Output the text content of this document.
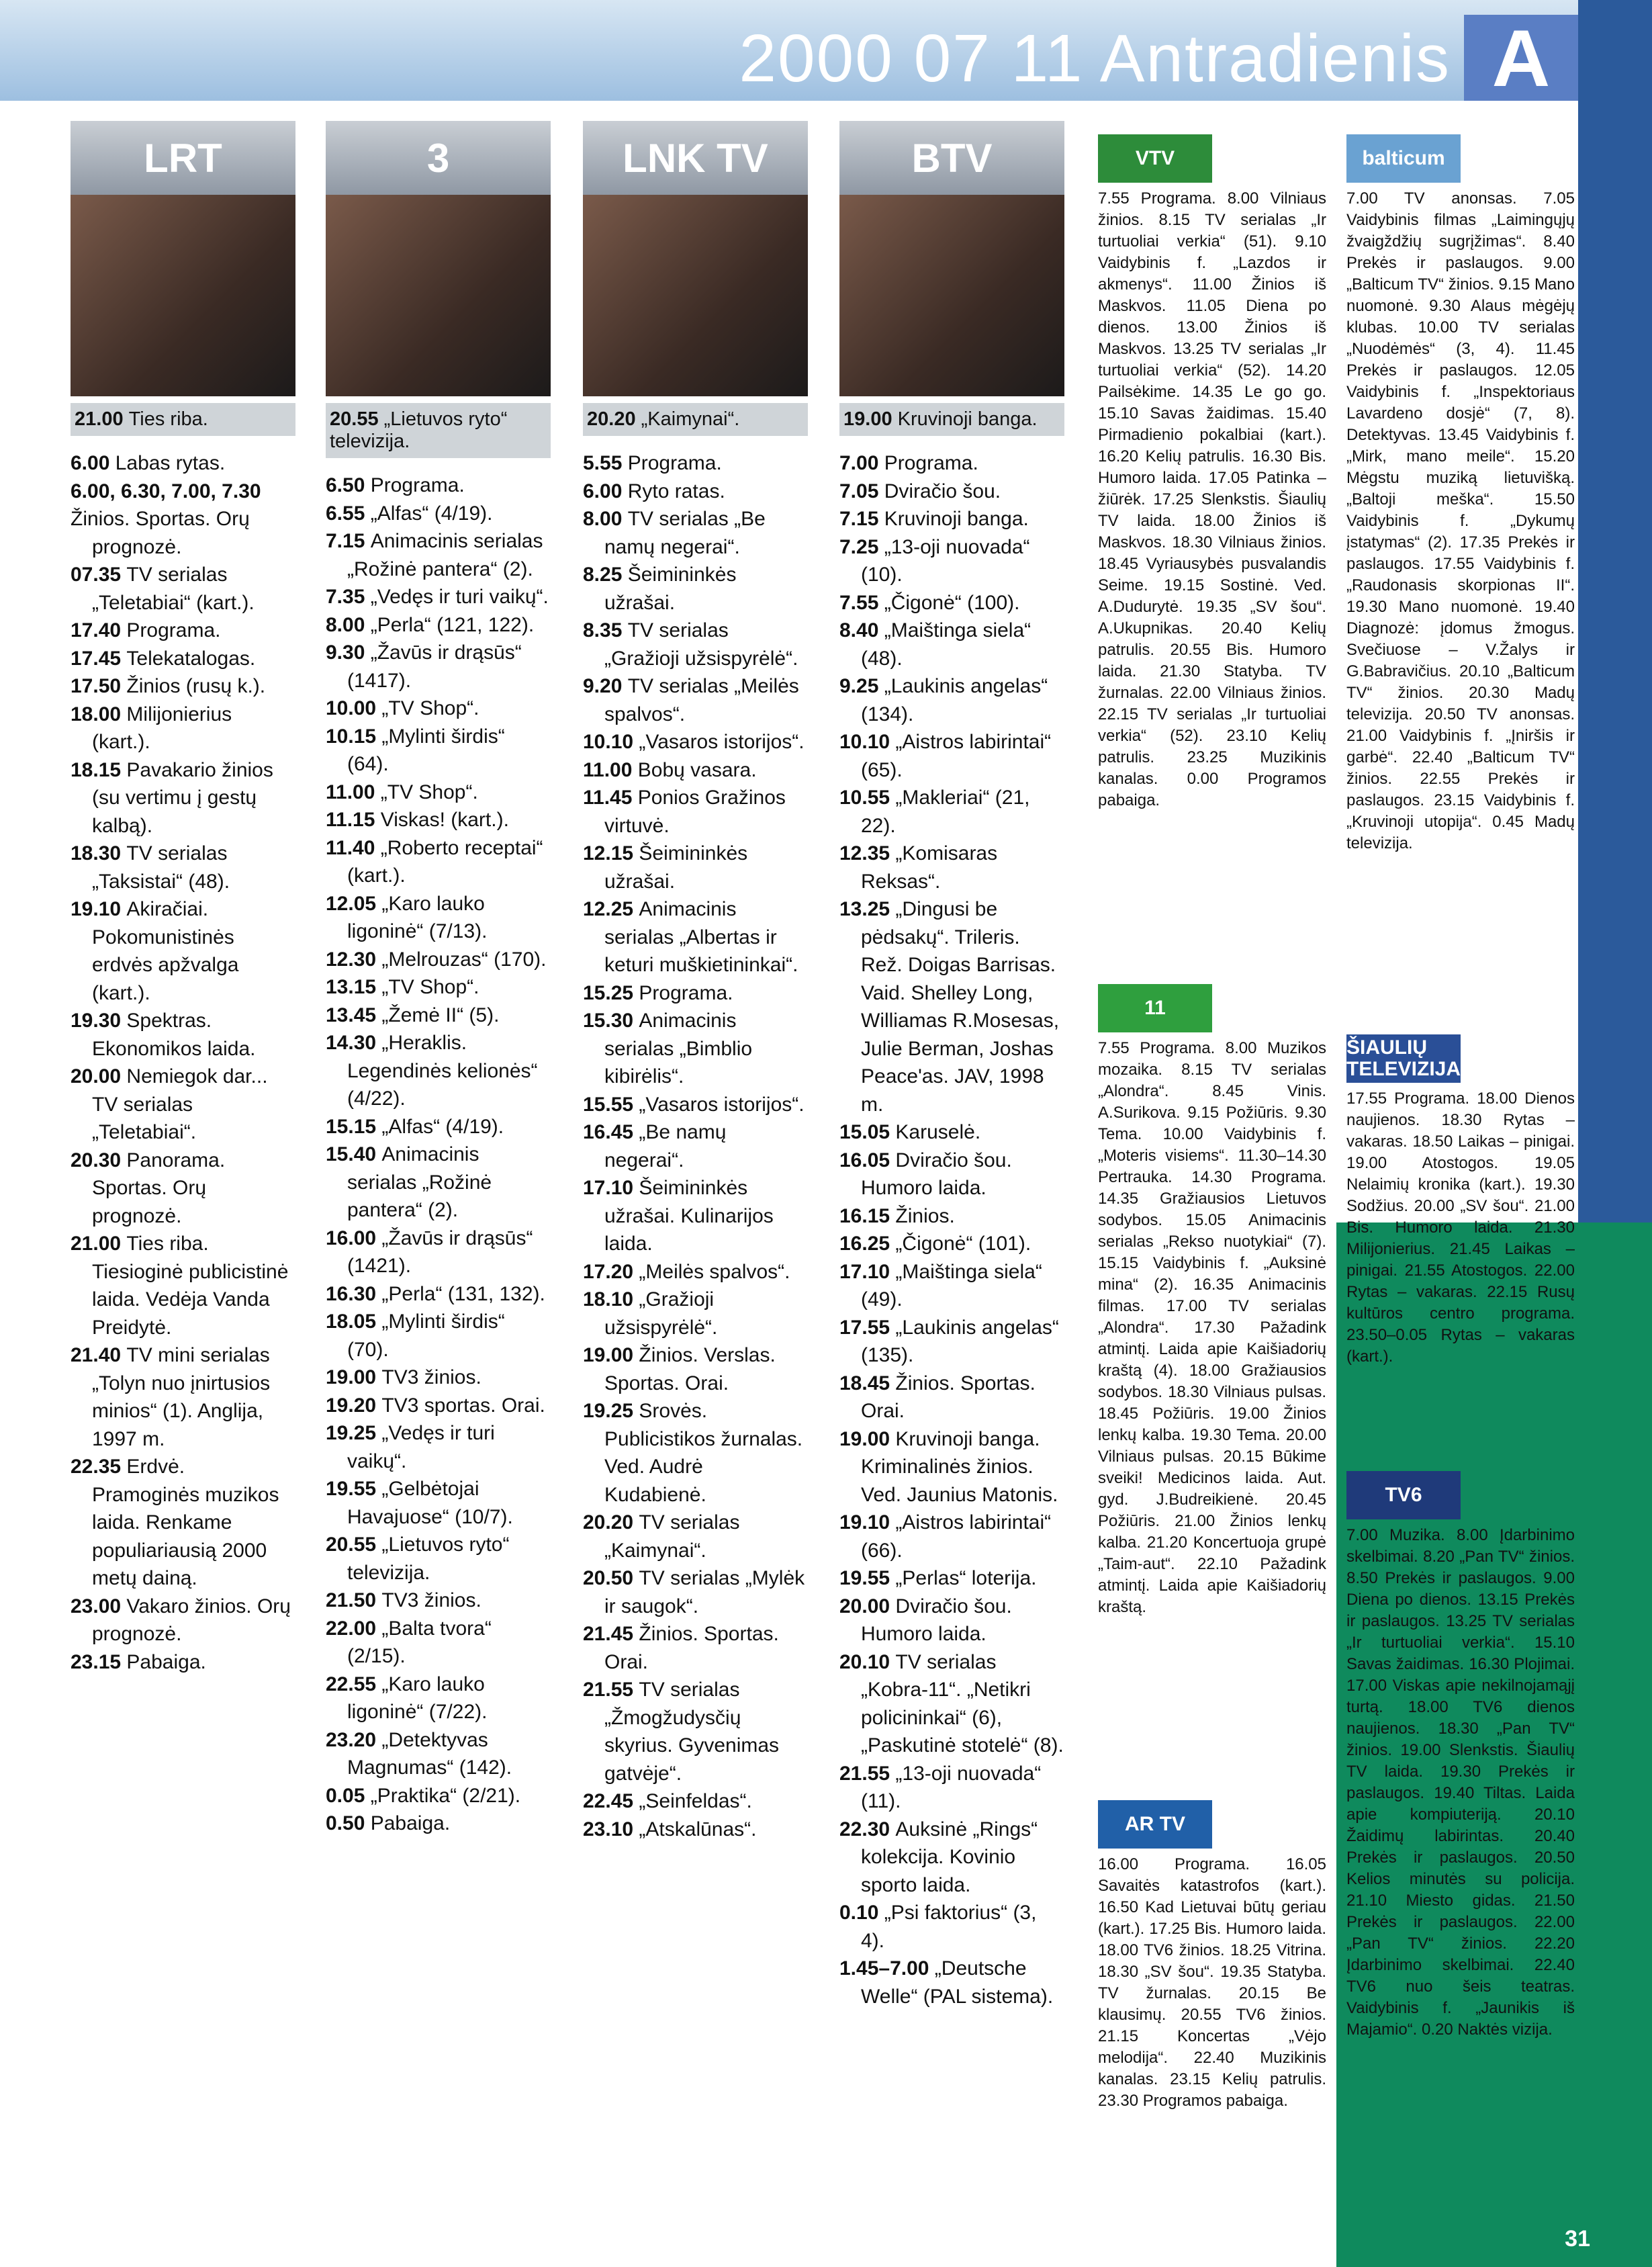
2000 07 11 Antradienis A
LRT
21.00 Ties riba.
6.00 Labas rytas.
6.00, 6.30, 7.00, 7.30
Žinios. Sportas. Orų prognozė.
07.35 TV serialas „Teletabiai“ (kart.).
17.40 Programa.
17.45 Telekatalogas.
17.50 Žinios (rusų k.).
18.00 Milijonierius (kart.).
18.15 Pavakario žinios (su vertimu į gestų kalbą).
18.30 TV serialas „Taksistai“ (48).
19.10 Akiračiai. Pokomunistinės erdvės apžvalga (kart.).
19.30 Spektras. Ekonomikos laida.
20.00 Nemiegok dar... TV serialas „Teletabiai“.
20.30 Panorama. Sportas. Orų prognozė.
21.00 Ties riba. Tiesioginė publicistinė laida. Vedėja Vanda Preidytė.
21.40 TV mini serialas „Tolyn nuo įnirtusios minios“ (1). Anglija, 1997 m.
22.35 Erdvė. Pramoginės muzikos laida. Renkame populiariausią 2000 metų dainą.
23.00 Vakaro žinios. Orų prognozė.
23.15 Pabaiga.
3
20.55 „Lietuvos ryto“ televizija.
6.50 Programa.
6.55 „Alfas“ (4/19).
7.15 Animacinis serialas „Rožinė pantera“ (2).
7.35 „Vedęs ir turi vaikų“.
8.00 „Perla“ (121, 122).
9.30 „Žavūs ir drąsūs“ (1417).
10.00 „TV Shop“.
10.15 „Mylinti širdis“ (64).
11.00 „TV Shop“.
11.15 Viskas! (kart.).
11.40 „Roberto receptai“ (kart.).
12.05 „Karo lauko ligoninė“ (7/13).
12.30 „Melrouzas“ (170).
13.15 „TV Shop“.
13.45 „Žemė II“ (5).
14.30 „Heraklis. Legendinės kelionės“ (4/22).
15.15 „Alfas“ (4/19).
15.40 Animacinis serialas „Rožinė pantera“ (2).
16.00 „Žavūs ir drąsūs“ (1421).
16.30 „Perla“ (131, 132).
18.05 „Mylinti širdis“ (70).
19.00 TV3 žinios.
19.20 TV3 sportas. Orai.
19.25 „Vedęs ir turi vaikų“.
19.55 „Gelbėtojai Havajuose“ (10/7).
20.55 „Lietuvos ryto“ televizija.
21.50 TV3 žinios.
22.00 „Balta tvora“ (2/15).
22.55 „Karo lauko ligoninė“ (7/22).
23.20 „Detektyvas Magnumas“ (142).
0.05 „Praktika“ (2/21).
0.50 Pabaiga.
LNK TV
20.20 „Kaimynai“.
5.55 Programa.
6.00 Ryto ratas.
8.00 TV serialas „Be namų negerai“.
8.25 Šeimininkės užrašai.
8.35 TV serialas „Gražioji užsispyrėlė“.
9.20 TV serialas „Meilės spalvos“.
10.10 „Vasaros istorijos“.
11.00 Bobų vasara.
11.45 Ponios Gražinos virtuvė.
12.15 Šeimininkės užrašai.
12.25 Animacinis serialas „Albertas ir keturi muškietininkai“.
15.25 Programa.
15.30 Animacinis serialas „Bimblio kibirėlis“.
15.55 „Vasaros istorijos“.
16.45 „Be namų negerai“.
17.10 Šeimininkės užrašai. Kulinarijos laida.
17.20 „Meilės spalvos“.
18.10 „Gražioji užsispyrėlė“.
19.00 Žinios. Verslas. Sportas. Orai.
19.25 Srovės. Publicistikos žurnalas. Ved. Audrė Kudabienė.
20.20 TV serialas „Kaimynai“.
20.50 TV serialas „Mylėk ir saugok“.
21.45 Žinios. Sportas. Orai.
21.55 TV serialas „Žmogžudysčių skyrius. Gyvenimas gatvėje“.
22.45 „Seinfeldas“.
23.10 „Atskalūnas“.
BTV
19.00 Kruvinoji banga.
7.00 Programa.
7.05 Dviračio šou.
7.15 Kruvinoji banga.
7.25 „13-oji nuovada“ (10).
7.55 „Čigonė“ (100).
8.40 „Maištinga siela“ (48).
9.25 „Laukinis angelas“ (134).
10.10 „Aistros labirintai“ (65).
10.55 „Makleriai“ (21, 22).
12.35 „Komisaras Reksas“.
13.25 „Dingusi be pėdsakų“. Trileris. Rež. Doigas Barrisas. Vaid. Shelley Long, Williamas R.Mosesas, Julie Berman, Joshas Peace'as. JAV, 1998 m.
15.05 Karuselė.
16.05 Dviračio šou. Humoro laida.
16.15 Žinios.
16.25 „Čigonė“ (101).
17.10 „Maištinga siela“ (49).
17.55 „Laukinis angelas“ (135).
18.45 Žinios. Sportas. Orai.
19.00 Kruvinoji banga. Kriminalinės žinios. Ved. Jaunius Matonis.
19.10 „Aistros labirintai“ (66).
19.55 „Perlas“ loterija.
20.00 Dviračio šou. Humoro laida.
20.10 TV serialas „Kobra-11“. „Netikri policininkai“ (6), „Paskutinė stotelė“ (8).
21.55 „13-oji nuovada“ (11).
22.30 Auksinė „Rings“ kolekcija. Kovinio sporto laida.
0.10 „Psi faktorius“ (3, 4).
1.45–7.00 „Deutsche Welle“ (PAL sistema).
VTV

7.55 Programa. 8.00 Vilniaus žinios. 8.15 TV serialas „Ir turtuoliai verkia“ (51). 9.10 Vaidybinis f. „Lazdos ir akmenys“. 11.00 Žinios iš Maskvos. 11.05 Diena po dienos. 13.00 Žinios iš Maskvos. 13.25 TV serialas „Ir turtuoliai verkia“ (52). 14.20 Pailsėkime. 14.35 Le go go. 15.10 Savas žaidimas. 15.40 Pirmadienio pokalbiai (kart.). 16.20 Kelių patrulis. 16.30 Bis. Humoro laida. 17.05 Patinka – žiūrėk. 17.25 Slenkstis. Šiaulių TV laida. 18.00 Žinios iš Maskvos. 18.30 Vilniaus žinios. 18.45 Vyriausybės pusvalandis Seime. 19.15 Sostinė. Ved. A.Dudurytė. 19.35 „SV šou“. A.Ukupnikas. 20.40 Kelių patrulis. 20.55 Bis. Humoro laida. 21.30 Statyba. TV žurnalas. 22.00 Vilniaus žinios. 22.15 TV serialas „Ir turtuoliai verkia“ (52). 23.10 Kelių patrulis. 23.25 Muzikinis kanalas. 0.00 Programos pabaiga.

11

7.55 Programa. 8.00 Muzikos mozaika. 8.15 TV serialas „Alondra“. 8.45 Vinis. A.Surikova. 9.15 Požiūris. 9.30 Tema. 10.00 Vaidybinis f. „Moteris visiems“. 11.30–14.30 Pertrauka. 14.30 Programa. 14.35 Gražiausios Lietuvos sodybos. 15.05 Animacinis serialas „Rekso nuotykiai“ (7). 15.15 Vaidybinis f. „Auksinė mina“ (2). 16.35 Animacinis filmas. 17.00 TV serialas „Alondra“. 17.30 Pažadink atmintį. Laida apie Kaišiadorių kraštą (4). 18.00 Gražiausios sodybos. 18.30 Vilniaus pulsas. 18.45 Požiūris. 19.00 Žinios lenkų kalba. 19.30 Tema. 20.00 Vilniaus pulsas. 20.15 Būkime sveiki! Medicinos laida. Aut. gyd. J.Budreikienė. 20.45 Požiūris. 21.00 Žinios lenkų kalba. 21.20 Koncertuoja grupė „Taim-aut“. 22.10 Pažadink atmintį. Laida apie Kaišiadorių kraštą.

AR TV

16.00 Programa. 16.05 Savaitės katastrofos (kart.). 16.50 Kad Lietuvai būtų geriau (kart.). 17.25 Bis. Humoro laida. 18.00 TV6 žinios. 18.25 Vitrina. 18.30 „SV šou“. 19.35 Statyba. TV žurnalas. 20.15 Be klausimų. 20.55 TV6 žinios. 21.15 Koncertas „Vėjo melodija“. 22.40 Muzikinis kanalas. 23.15 Kelių patrulis. 23.30 Programos pabaiga.

balticum

7.00 TV anonsas. 7.05 Vaidybinis filmas „Laimingųjų žvaigždžių sugrįžimas“. 8.40 Prekės ir paslaugos. 9.00 „Balticum TV“ žinios. 9.15 Mano nuomonė. 9.30 Alaus mėgėjų klubas. 10.00 TV serialas „Nuodėmės“ (3, 4). 11.45 Prekės ir paslaugos. 12.05 Vaidybinis f. „Inspektoriaus Lavardeno dosjė“ (7, 8). Detektyvas. 13.45 Vaidybinis f. „Mirk, mano meile“. 15.20 Mėgstu muziką lietuvišką. „Baltoji meška“. 15.50 Vaidybinis f. „Dykumų įstatymas“ (2). 17.35 Prekės ir paslaugos. 17.55 Vaidybinis f. „Raudonasis skorpionas II“. 19.30 Mano nuomonė. 19.40 Diagnozė: įdomus žmogus. Svečiuose – V.Žalys ir G.Babravičius. 20.10 „Balticum TV“ žinios. 20.30 Madų televizija. 20.50 TV anonsas. 21.00 Vaidybinis f. „Įniršis ir garbė“. 22.40 „Balticum TV“ žinios. 22.55 Prekės ir paslaugos. 23.15 Vaidybinis f. „Kruvinoji utopija“. 0.45 Madų televizija.

ŠIAULIŲ TELEVIZIJA

17.55 Programa. 18.00 Dienos naujienos. 18.30 Rytas – vakaras. 18.50 Laikas – pinigai. 19.00 Atostogos. 19.05 Nelaimių kronika (kart.). 19.30 Sodžius. 20.00 „SV šou“. 21.00 Bis. Humoro laida. 21.30 Milijonierius. 21.45 Laikas – pinigai. 21.55 Atostogos. 22.00 Rytas – vakaras. 22.15 Rusų kultūros centro programa. 23.50–0.05 Rytas – vakaras (kart.).

TV6

7.00 Muzika. 8.00 Įdarbinimo skelbimai. 8.20 „Pan TV“ žinios. 8.50 Prekės ir paslaugos. 9.00 Diena po dienos. 13.15 Prekės ir paslaugos. 13.25 TV serialas „Ir turtuoliai verkia“. 15.10 Savas žaidimas. 16.30 Plojimai. 17.00 Viskas apie nekilnojamąjį turtą. 18.00 TV6 dienos naujienos. 18.30 „Pan TV“ žinios. 19.00 Slenkstis. Šiaulių TV laida. 19.30 Prekės ir paslaugos. 19.40 Tiltas. Laida apie kompiuteriją. 20.10 Žaidimų labirintas. 20.40 Prekės ir paslaugos. 20.50 Kelios minutės su policija. 21.10 Miesto gidas. 21.50 Prekės ir paslaugos. 22.00 „Pan TV“ žinios. 22.20 Įdarbinimo skelbimai. 22.40 TV6 nuo šeis teatras. Vaidybinis f. „Jaunikis iš Majamio“. 0.20 Naktės vizija.

31
